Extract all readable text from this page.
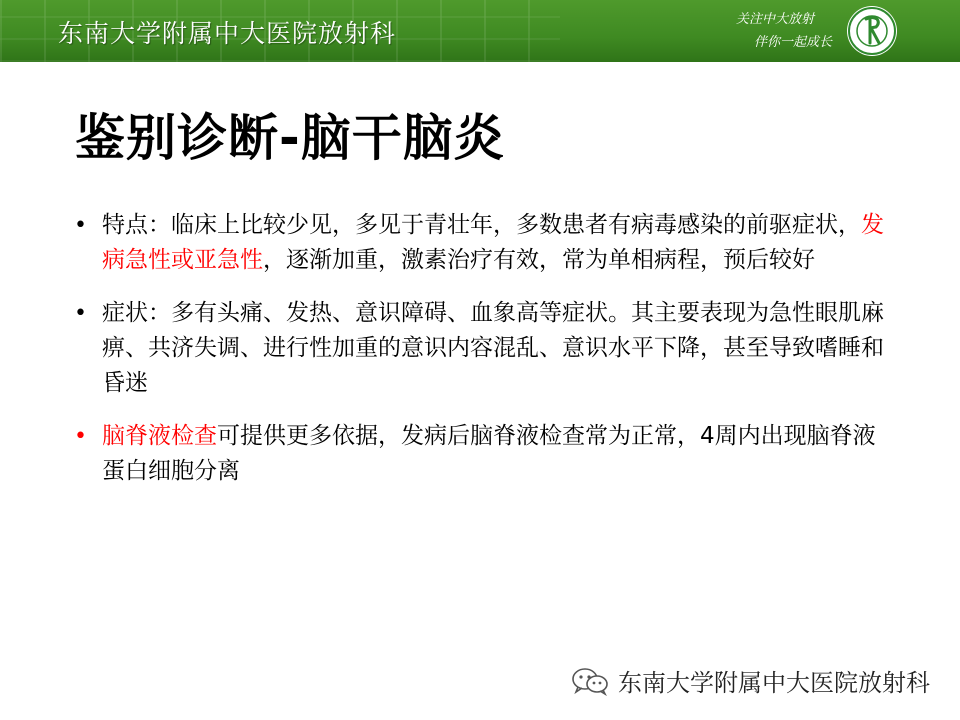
东南大学附属中大医院放射科	关注中大放射
伴你一起成长
鉴别诊断-脑干脑炎
• 特点：临床上比较少见，多见于青壮年，多数患者有病毒感染的前驱症状，发病急性或亚急性，逐渐加重，激素治疗有效，常为单相病程，预后较好
• 症状：多有头痛、发热、意识障碍、血象高等症状。其主要表现为急性眼肌麻痹、共济失调、进行性加重的意识内容混乱、意识水平下降，甚至导致嗜睡和昏迷
• 脑脊液检查可提供更多依据，发病后脑脊液检查常为正常，4周内出现脑脊液蛋白细胞分离
东南大学附属中大医院放射科
